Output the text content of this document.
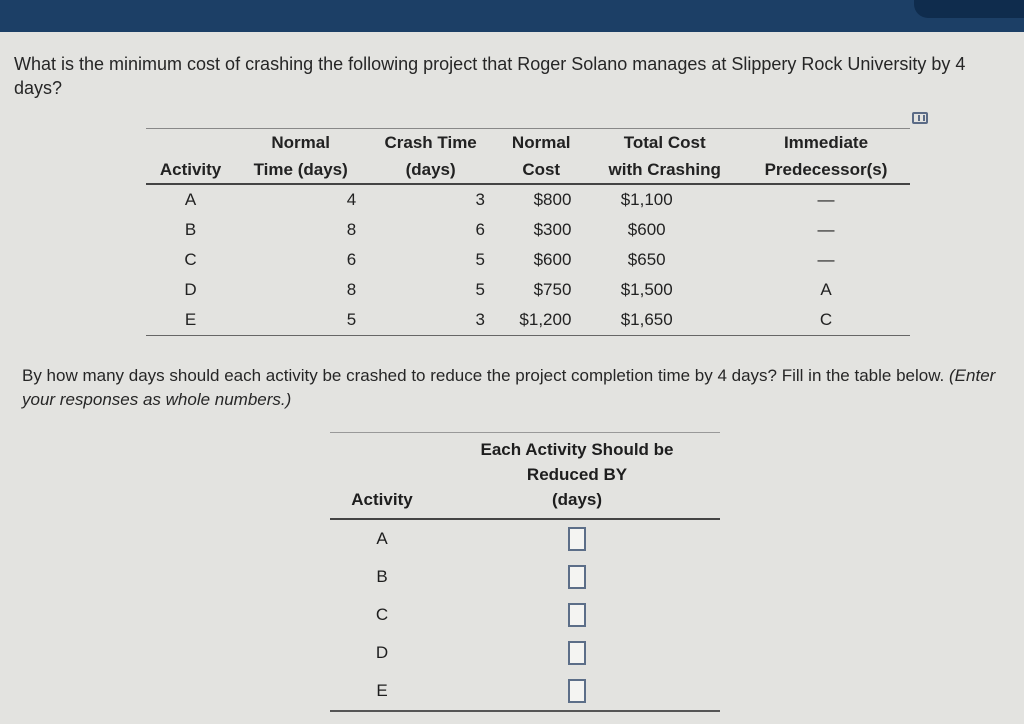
What is the minimum cost of crashing the following project that Roger Solano manages at Slippery Rock University by 4 days?
	Normal	Crash Time	Normal	Total Cost	Immediate
Activity	Time (days)	(days)	Cost	with Crashing	Predecessor(s)
A	4	3	$800	$1,100	—
B	8	6	$300	$600	—
C	6	5	$600	$650	—
D	8	5	$750	$1,500	A
E	5	3	$1,200	$1,650	C
By how many days should each activity be crashed to reduce the project completion time by 4 days? Fill in the table below. (Enter your responses as whole numbers.)
Activity	Each Activity Should be
Reduced BY
(days)

A	
B	
C	
D	
E	
